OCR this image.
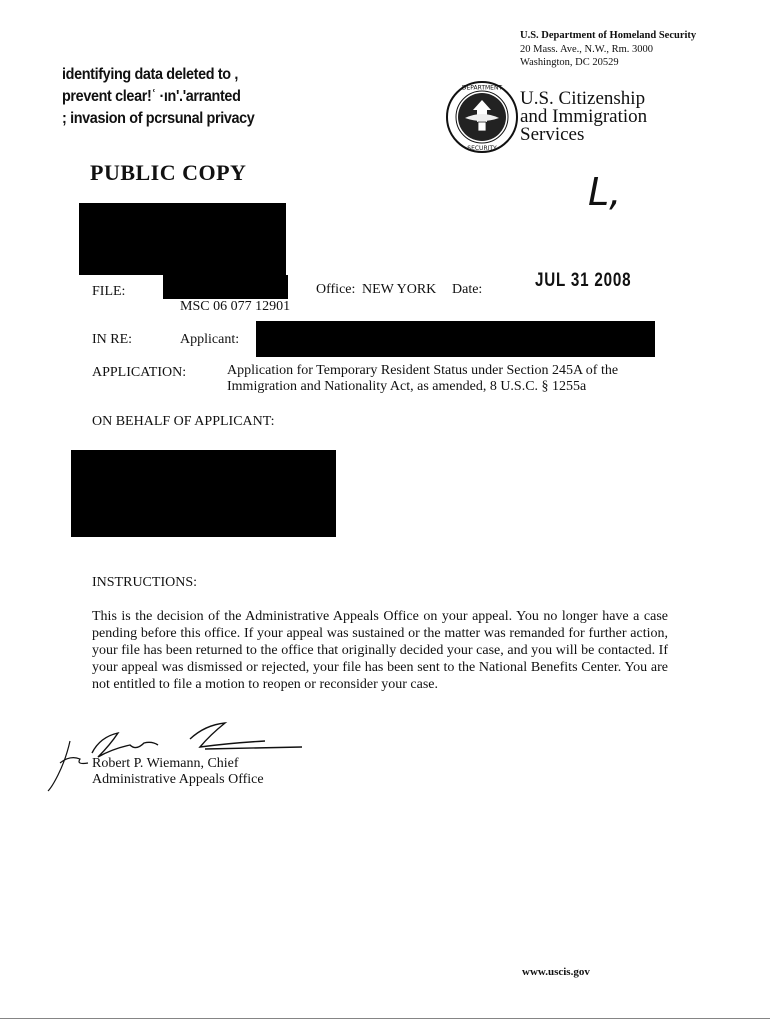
U.S. Department of Homeland Security
20 Mass. Ave., N.W., Rm. 3000
Washington, DC 20529
DEPARTMENT
SECURITY
U.S. Citizenship
and Immigration
Services
identifying data deleted to ,
prevent clear!ʿ ·ın'.'arranted
; invasion of pcrsunal privacy
PUBLIC COPY	L,
FILE:
MSC 06 077 12901
Office: NEW YORK Date:	JUL 31 2008
IN RE:	Applicant:
APPLICATION:	Application for Temporary Resident Status under Section 245A of the
Immigration and Nationality Act, as amended, 8 U.S.C. § 1255a
ON BEHALF OF APPLICANT:
INSTRUCTIONS:
This is the decision of the Administrative Appeals Office on your appeal. You no longer have a case pending before this office. If your appeal was sustained or the matter was remanded for further action, your file has been returned to the office that originally decided your case, and you will be contacted. If your appeal was dismissed or rejected, your file has been sent to the National Benefits Center. You are not entitled to file a motion to reopen or reconsider your case.
Robert P. Wiemann, Chief
Administrative Appeals Office
www.uscis.gov
